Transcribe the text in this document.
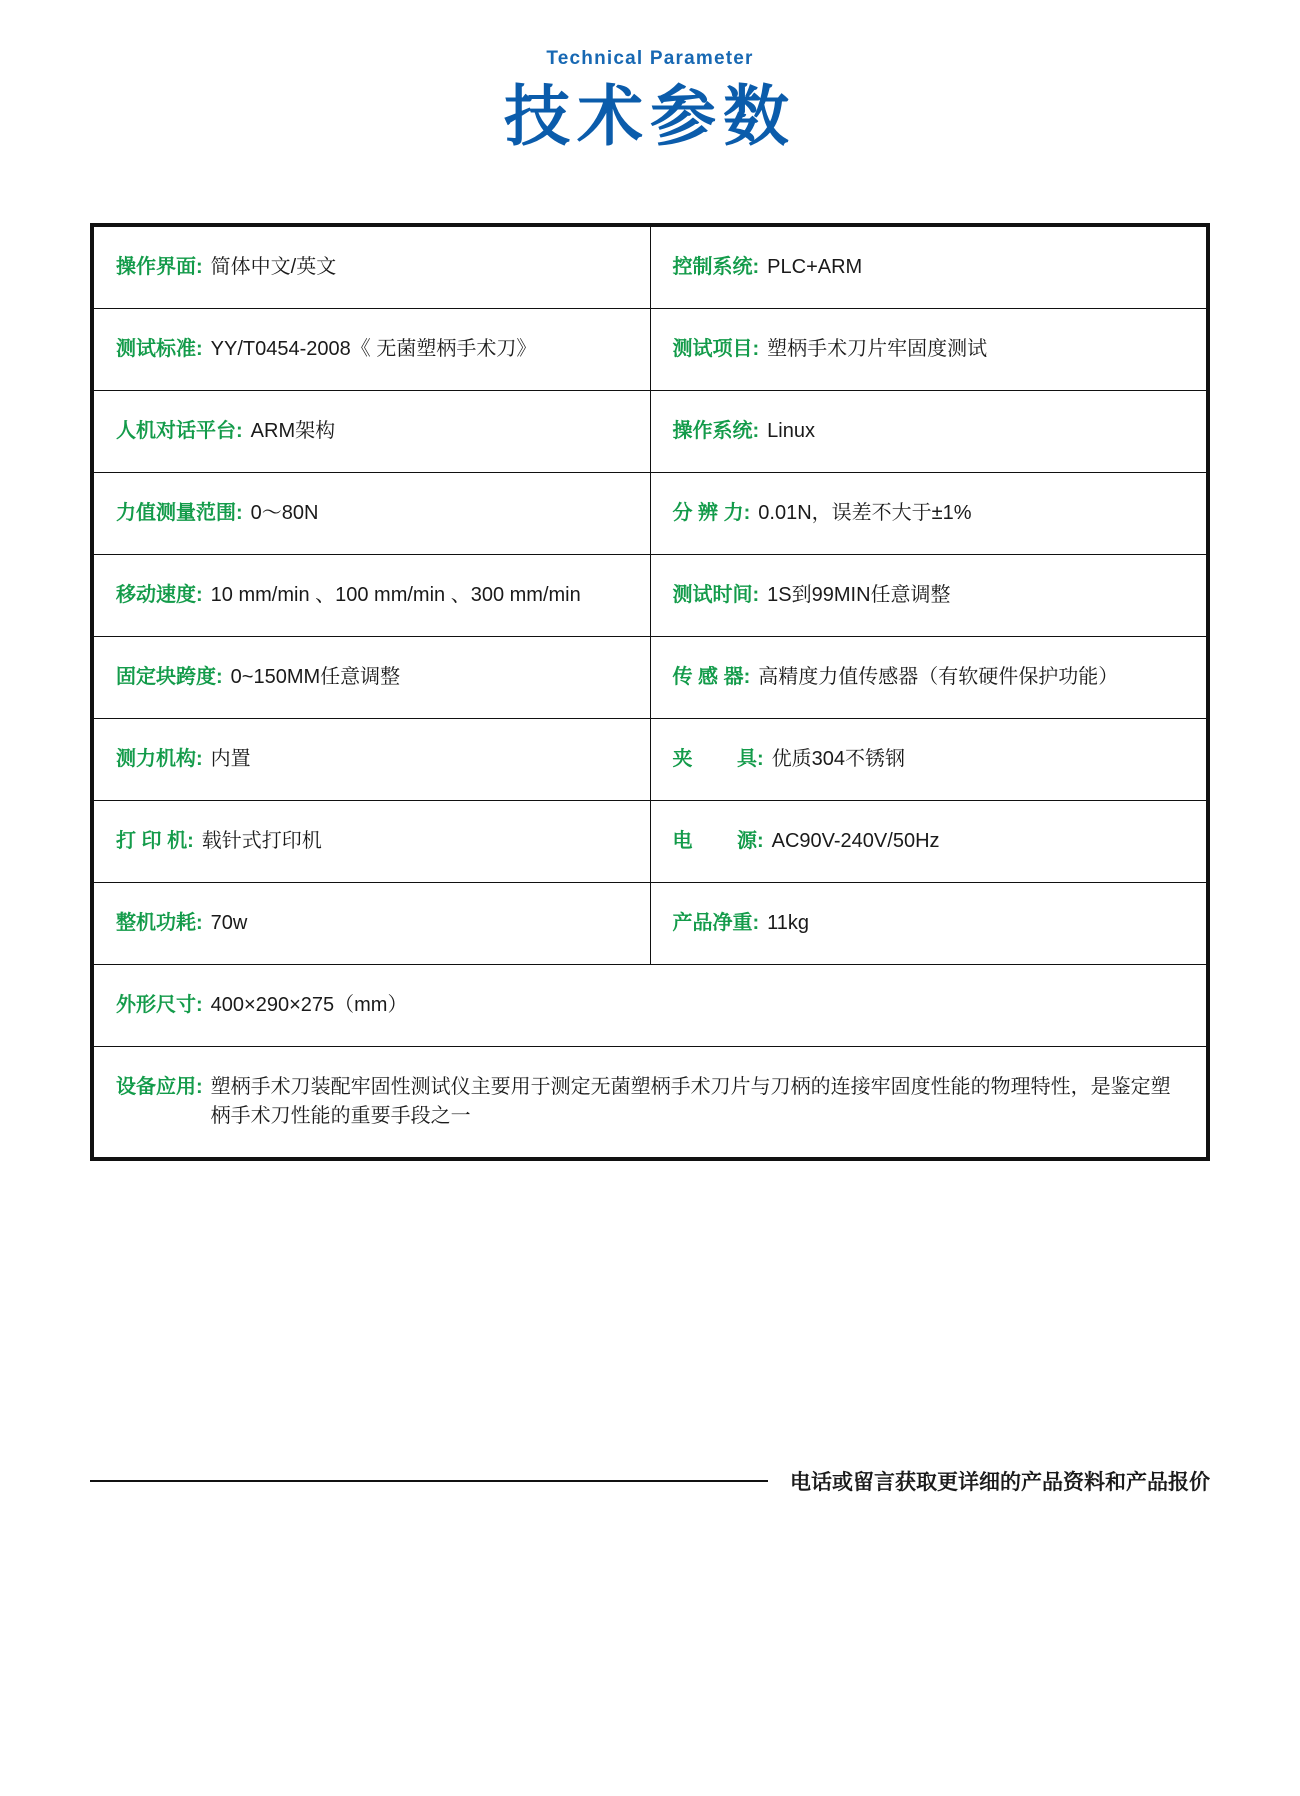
Technical Parameter

技术参数
操作界面: 简体中文/英文	控制系统: PLC+ARM

测试标准: YY/T0454-2008《 无菌塑柄手术刀》	测试项目: 塑柄手术刀片牢固度测试

人机对话平台: ARM架构	操作系统: Linux

力值测量范围: 0～80N	分 辨 力: 0.01N，误差不大于±1%

移动速度: 10 mm/min 、100 mm/min 、300 mm/min	测试时间: 1S到99MIN任意调整

固定块跨度: 0~150MM任意调整	传 感 器: 高精度力值传感器（有软硬件保护功能）

测力机构: 内置	夹        具: 优质304不锈钢

打 印 机: 载针式打印机	电        源: AC90V-240V/50Hz

整机功耗: 70w	产品净重: 11kg

外形尺寸: 400×290×275（mm）	

设备应用: 塑柄手术刀装配牢固性测试仪主要用于测定无菌塑柄手术刀片与刀柄的连接牢固度性能的物理特性，是鉴定塑柄手术刀性能的重要手段之一	
电话或留言获取更详细的产品资料和产品报价
